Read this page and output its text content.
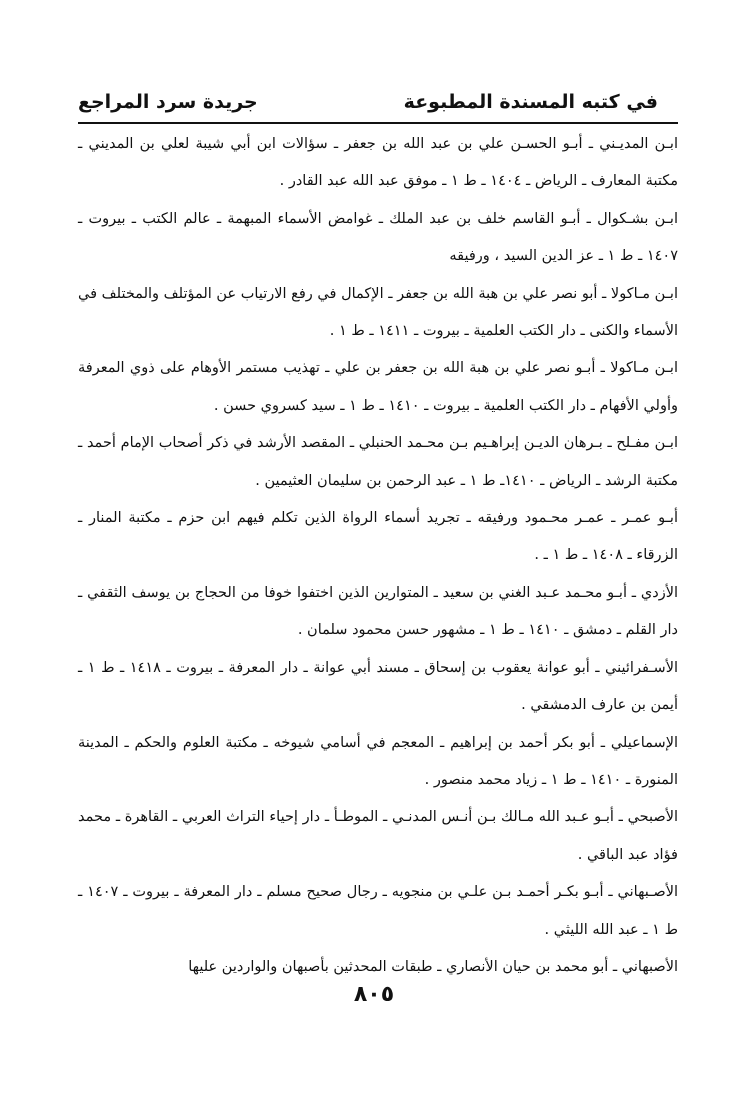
في كتبه المسندة المطبوعة
جريدة سرد المراجع

ابـن المديـني ـ أبـو الحسـن علي بن عبد الله بن جعفر ـ سؤالات ابن أبي شيبة لعلي بن المديني ـ مكتبة المعارف ـ الرياض ـ ١٤٠٤ ـ ط ١ ـ موفق عبد الله عبد القادر .

ابـن بشـكوال ـ أبـو القاسم خلف بن عبد الملك ـ غوامض الأسماء المبهمة ـ عالم الكتب ـ بيروت ـ ١٤٠٧ ـ ط ١ ـ عز الدين السيد ، ورفيقه

ابـن مـاكولا ـ أبو نصر علي بن هبة الله بن جعفر ـ الإكمال في رفع الارتياب عن المؤتلف والمختلف في الأسماء والكنى ـ دار الكتب العلمية ـ بيروت ـ ١٤١١ ـ ط ١ .

ابـن مـاكولا ـ أبـو نصر علي بن هبة الله بن جعفر بن علي ـ تهذيب مستمر الأوهام على ذوي المعرفة وأولي الأفهام ـ دار الكتب العلمية ـ بيروت ـ ١٤١٠ ـ ط ١ ـ سيد كسروي حسن .

ابـن مفـلح ـ بـرهان الديـن إبراهـيم بـن محـمد الحنبلي ـ المقصد الأرشد في ذكر أصحاب الإمام أحمد ـ مكتبة الرشد ـ الرياض ـ ١٤١٠ـ ط ١ ـ عبد الرحمن بن سليمان العثيمين .

أبـو عمـر ـ عمـر محـمود ورفيقه ـ تجريد أسماء الرواة الذين تكلم فيهم ابن حزم ـ مكتبة المنار ـ الزرقاء ـ ١٤٠٨ ـ ط ١ ـ .

الأزدي ـ أبـو محـمد عـبد الغني بن سعيد ـ المتوارين الذين اختفوا خوفا من الحجاج بن يوسف الثقفي ـ دار القلم ـ دمشق ـ ١٤١٠ ـ ط ١ ـ مشهور حسن محمود سلمان .

الأسـفرائيني ـ أبو عوانة يعقوب بن إسحاق ـ مسند أبي عوانة ـ دار المعرفة ـ بيروت ـ ١٤١٨ ـ ط ١ ـ أيمن بن عارف الدمشقي .

الإسماعيلي ـ أبو بكر أحمد بن إبراهيم ـ المعجم في أسامي شيوخه ـ مكتبة العلوم والحكم ـ المدينة المنورة ـ ١٤١٠ ـ ط ١ ـ زياد محمد منصور .

الأصبحي ـ أبـو عـبد الله مـالك بـن أنـس المدنـي ـ الموطـأ ـ دار إحياء التراث العربي ـ القاهرة ـ محمد فؤاد عبد الباقي .

الأصـبهاني ـ أبـو بكـر أحمـد بـن علـي بن منجويه ـ رجال صحيح مسلم ـ دار المعرفة ـ بيروت ـ ١٤٠٧ ـ ط ١ ـ عبد الله الليثي .

الأصبهاني ـ أبو محمد بن حيان الأنصاري ـ طبقات المحدثين بأصبهان والواردين عليها

٨٠٥
